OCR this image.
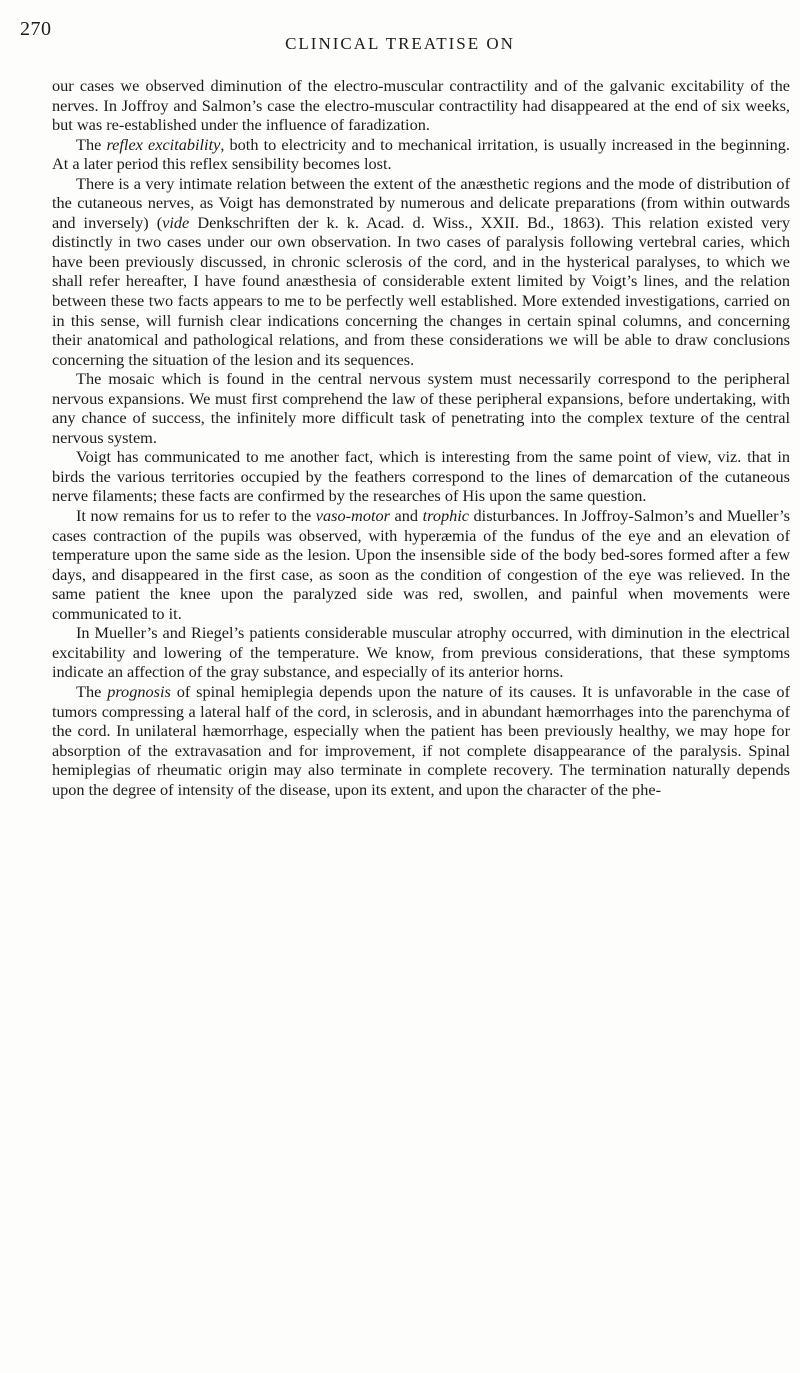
270
CLINICAL TREATISE ON

our cases we observed diminution of the electro-muscular contractility and of the galvanic excitability of the nerves. In Joffroy and Salmon’s case the electro-muscular contractility had disappeared at the end of six weeks, but was re-established under the influence of faradization.

The reflex excitability, both to electricity and to mechanical irritation, is usually increased in the beginning. At a later period this reflex sensibility becomes lost.

There is a very intimate relation between the extent of the anæsthetic regions and the mode of distribution of the cutaneous nerves, as Voigt has demonstrated by numerous and delicate preparations (from within outwards and inversely) (vide Denkschriften der k. k. Acad. d. Wiss., XXII. Bd., 1863). This relation existed very distinctly in two cases under our own observation. In two cases of paralysis following vertebral caries, which have been previously discussed, in chronic sclerosis of the cord, and in the hysterical paralyses, to which we shall refer hereafter, I have found anæsthesia of considerable extent limited by Voigt’s lines, and the relation between these two facts appears to me to be perfectly well established. More extended investigations, carried on in this sense, will furnish clear indications concerning the changes in certain spinal columns, and concerning their anatomical and pathological relations, and from these considerations we will be able to draw conclusions concerning the situation of the lesion and its sequences.

The mosaic which is found in the central nervous system must necessarily correspond to the peripheral nervous expansions. We must first comprehend the law of these peripheral expansions, before undertaking, with any chance of success, the infinitely more difficult task of penetrating into the complex texture of the central nervous system.

Voigt has communicated to me another fact, which is interesting from the same point of view, viz. that in birds the various territories occupied by the feathers correspond to the lines of demarcation of the cutaneous nerve filaments; these facts are confirmed by the researches of His upon the same question.

It now remains for us to refer to the vaso-motor and trophic disturbances. In Joffroy-Salmon’s and Mueller’s cases contraction of the pupils was observed, with hyperæmia of the fundus of the eye and an elevation of temperature upon the same side as the lesion. Upon the insensible side of the body bed-sores formed after a few days, and disappeared in the first case, as soon as the condition of congestion of the eye was relieved. In the same patient the knee upon the paralyzed side was red, swollen, and painful when movements were communicated to it.

In Mueller’s and Riegel’s patients considerable muscular atrophy occurred, with diminution in the electrical excitability and lowering of the temperature. We know, from previous considerations, that these symptoms indicate an affection of the gray substance, and especially of its anterior horns.

The prognosis of spinal hemiplegia depends upon the nature of its causes. It is unfavorable in the case of tumors compressing a lateral half of the cord, in sclerosis, and in abundant hæmorrhages into the parenchyma of the cord. In unilateral hæmorrhage, especially when the patient has been previously healthy, we may hope for absorption of the extravasation and for improvement, if not complete disappearance of the paralysis. Spinal hemiplegias of rheumatic origin may also terminate in complete recovery. The termination naturally depends upon the degree of intensity of the disease, upon its extent, and upon the character of the phe-
